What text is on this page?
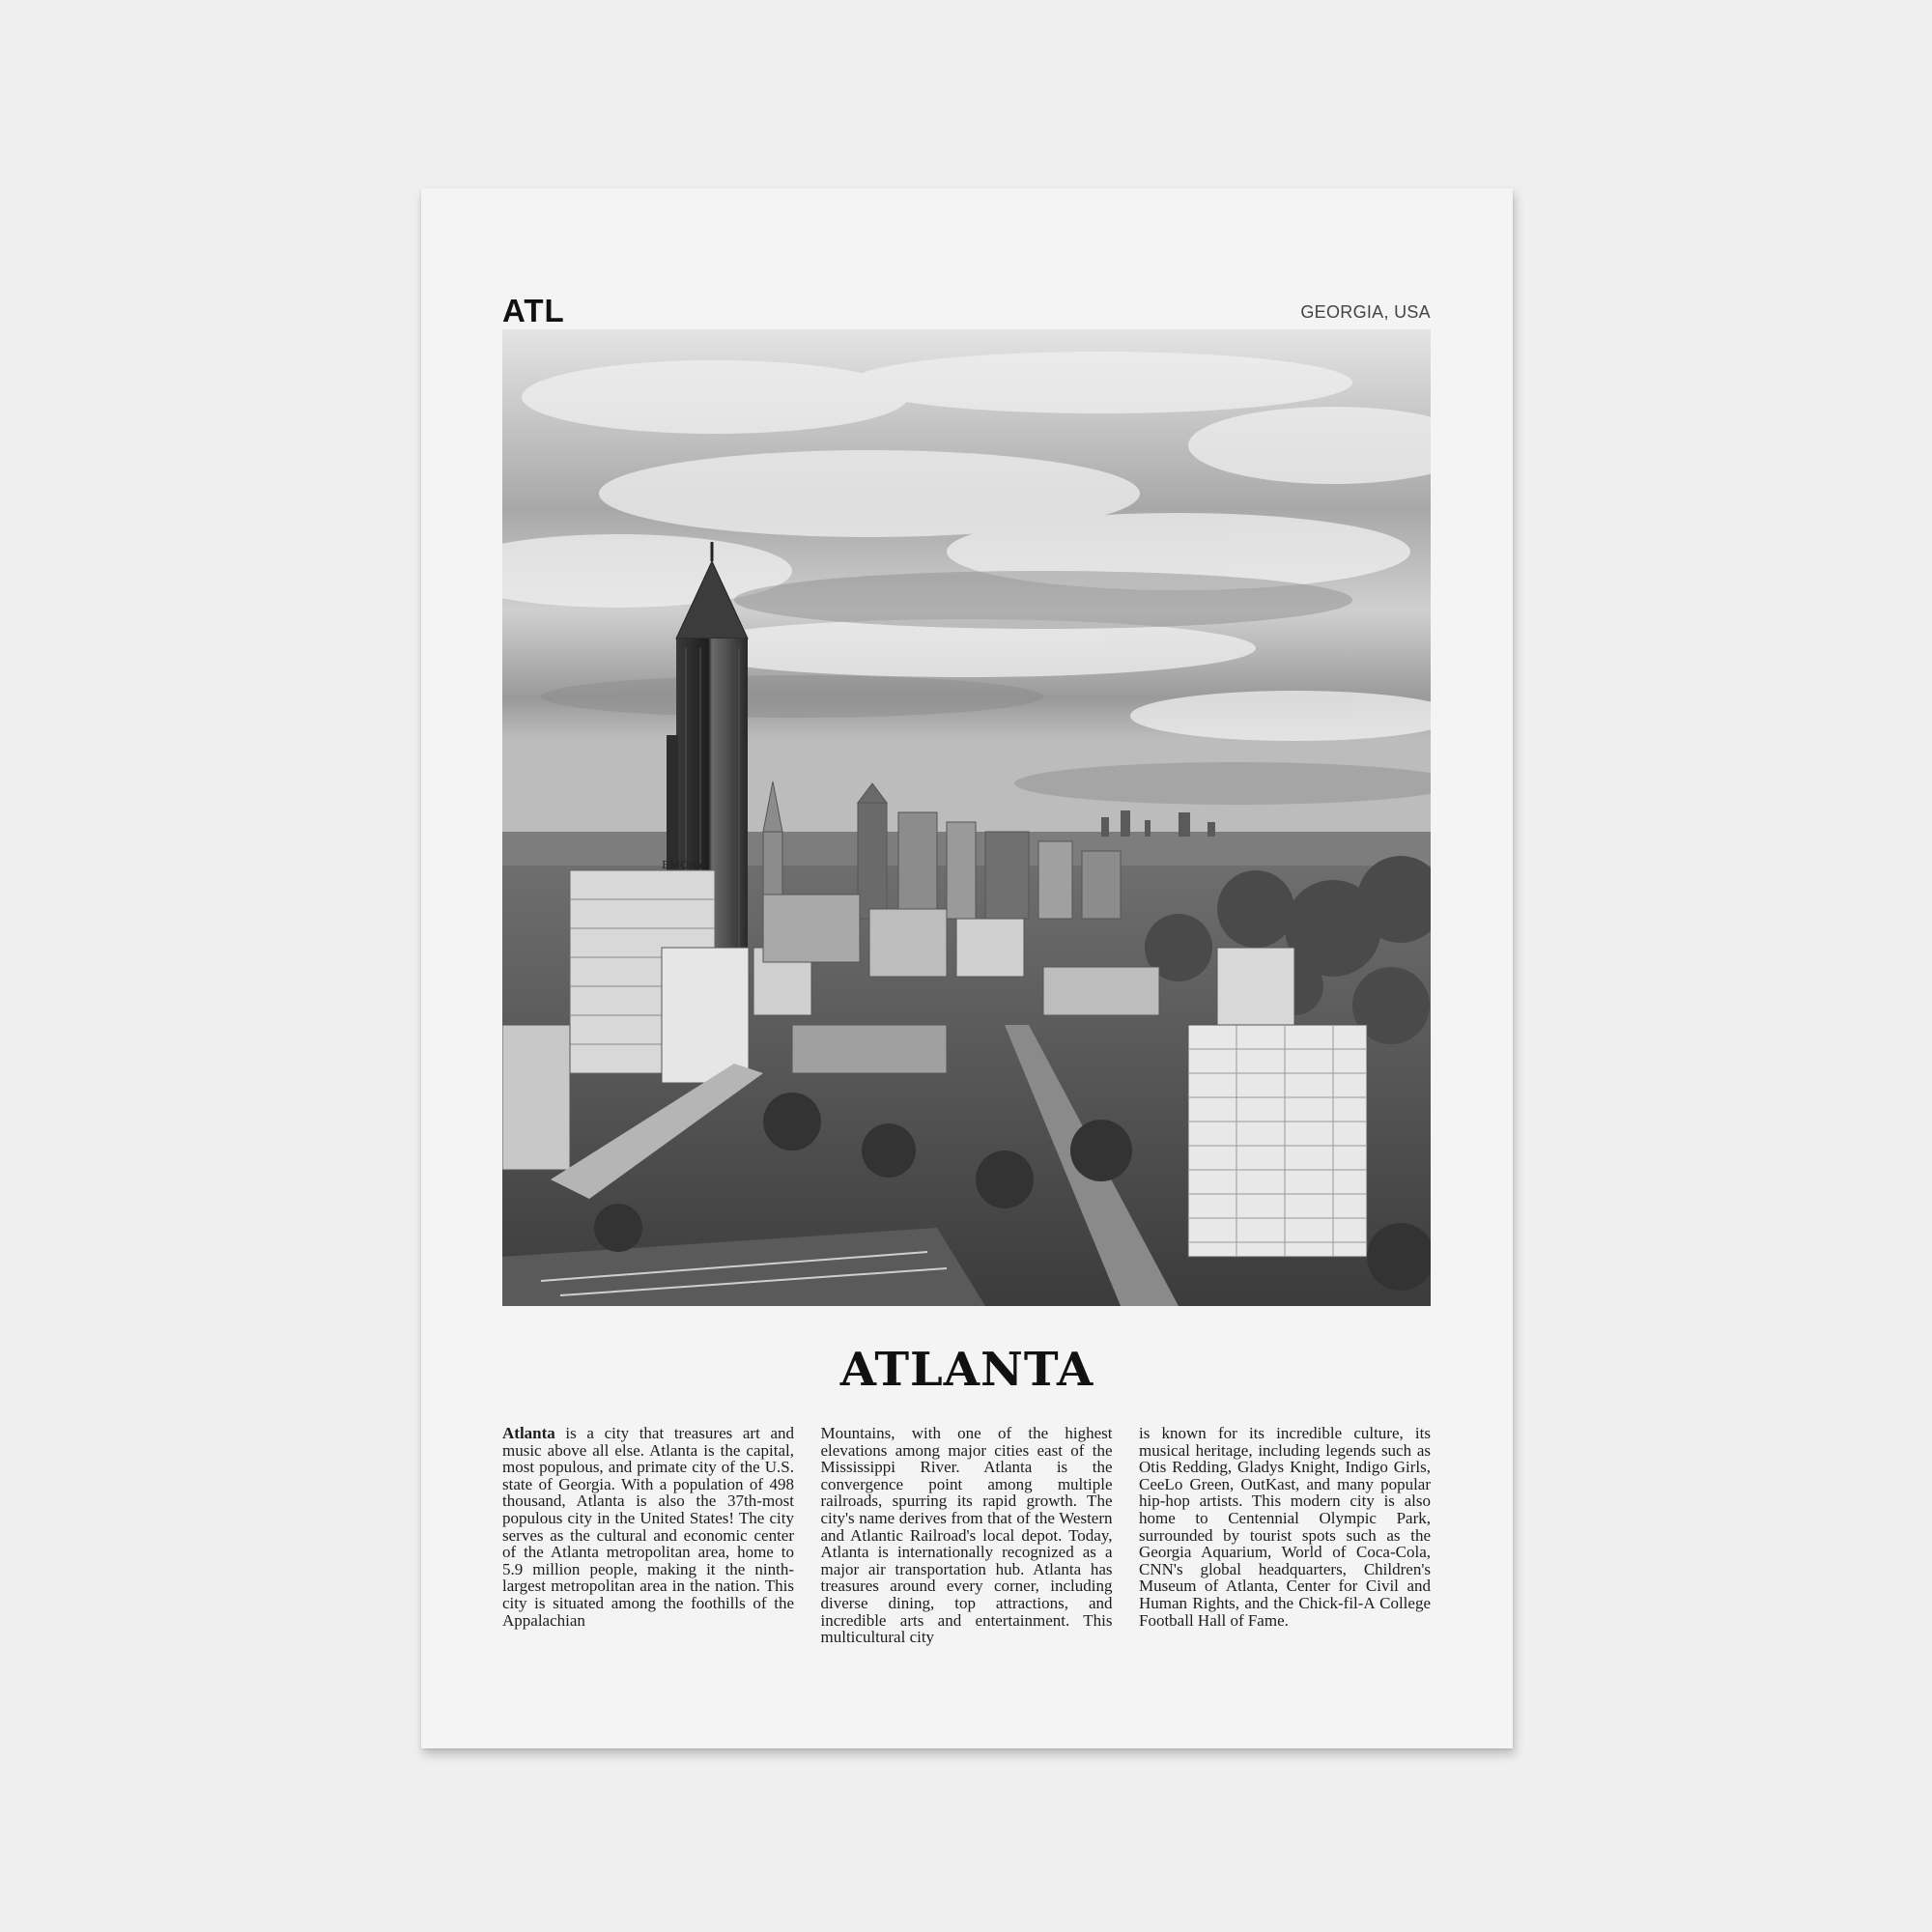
ATL	GEORGIA, USA
EMORY
ATLANTA
Atlanta is a city that treasures art and music above all else. Atlanta is the capital, most populous, and primate city of the U.S. state of Georgia. With a population of 498 thousand, Atlanta is also the 37th-most populous city in the United States! The city serves as the cultural and economic center of the Atlanta metropolitan area, home to 5.9 million people, making it the ninth-largest metropolitan area in the nation. This city is situated among the foothills of the Appalachian
Mountains, with one of the highest elevations among major cities east of the Mississippi River. Atlanta is the convergence point among multiple railroads, spurring its rapid growth. The city's name derives from that of the Western and Atlantic Railroad's local depot. Today, Atlanta is internationally recognized as a major air transportation hub. Atlanta has treasures around every corner, including diverse dining, top attractions, and incredible arts and entertainment. This multicultural city
is known for its incredible culture, its musical heritage, including legends such as Otis Redding, Gladys Knight, Indigo Girls, CeeLo Green, OutKast, and many popular hip-hop artists. This modern city is also home to Centennial Olympic Park, surrounded by tourist spots such as the Georgia Aquarium, World of Coca-Cola, CNN's global headquarters, Children's Museum of Atlanta, Center for Civil and Human Rights, and the Chick-fil-A College Football Hall of Fame.
